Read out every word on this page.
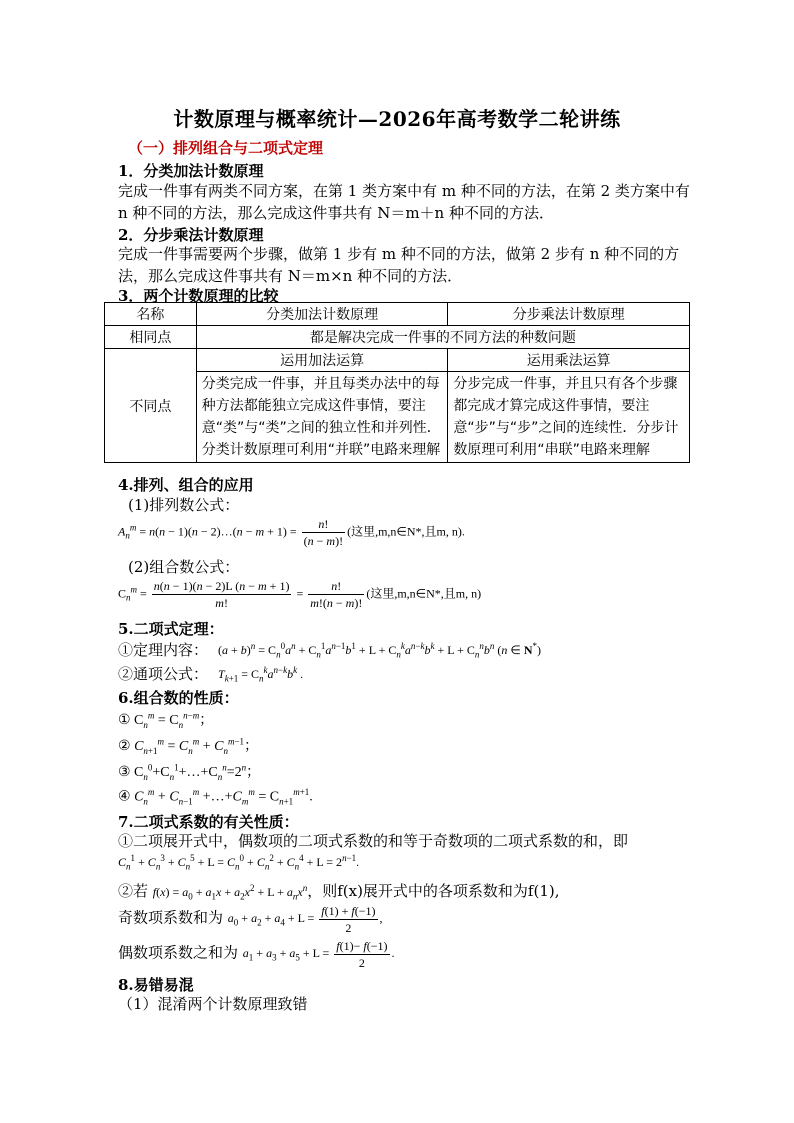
计数原理与概率统计—2026年高考数学二轮讲练
（一）排列组合与二项式定理
1．分类加法计数原理
完成一件事有两类不同方案，在第 1 类方案中有 m 种不同的方法，在第 2 类方案中有 n 种不同的方法，那么完成这件事共有 N＝m＋n 种不同的方法．
2．分步乘法计数原理
完成一件事需要两个步骤，做第 1 步有 m 种不同的方法，做第 2 步有 n 种不同的方法，那么完成这件事共有 N＝m×n 种不同的方法．
3．两个计数原理的比较
名称	分类加法计数原理	分步乘法计数原理
相同点	都是解决完成一件事的不同方法的种数问题	
不同点	运用加法运算	运用乘法运算
	分类完成一件事，并且每类办法中的每种方法都能独立完成这件事情，要注意“类”与“类”之间的独立性和并列性．分类计数原理可利用“并联”电路来理解	分步完成一件事，并且只有各个步骤都完成才算完成这件事情，要注意“步”与“步”之间的连续性．分步计数原理可利用“串联”电路来理解
4.排列、组合的应用
(1)排列数公式：
$A_n^m = n(n - 1)(n$ − 2)…(n − $m + 1) = \frac{n!}{(n - m)!}$ (这里,m,n∈N*,且m, n).
(2)组合数公式：
$C_n^m = \frac{n(n - 1)(n - 2)L (n - m + 1)}{m!} = \frac{n!}{m!(n - m)!}$ (这里,m,n∈N*,且m, n)
5.二项式定理：
①定理内容： $(a + b)^n = C_n^0a^n + C_n^1a^{n-1}b^1 + L + C_n^ka^{n-k}b^k + L + C_n^nb^n$ (n ∈ N*)
②通项公式： $T_{k+1} = C_n^ka^{n-k}b^k$ .
6.组合数的性质：
① $C_n^m = C_n^{n-m}$；
② $C_{n+1}^m = C_n^m + C_n^{m-1}$；
③ $C_n^0+C_n^1+\dots+C_n^n=2^n$；
④ $C_n^m + C_{n-1}^m$ $+\dots+C_m^m = C_{n+1}^{m+1}$.
7.二项式系数的有关性质：
①二项展开式中，偶数项的二项式系数的和等于奇数项的二项式系数的和，即
$C_n^1 + C_n^3 + C_n^5 + L = C_n^0 + C_n^2 + C_n^4 + L = 2^{n-1}$.
②若 $f(x) = a_0 + a_1x + a_2x^2 + L + a_nx^n$，则f(x)展开式中的各项系数和为f(1),
奇数项系数和为 $a_0 + a_2 + a_4 + L = \frac{f(1) + f(-1)}{2}$ ,
偶数项系数之和为 $a_1 + a_3 + a_5 + L = \frac{f(1)- f(-1)}{2}$ .
8.易错易混
（1）混淆两个计数原理致错
